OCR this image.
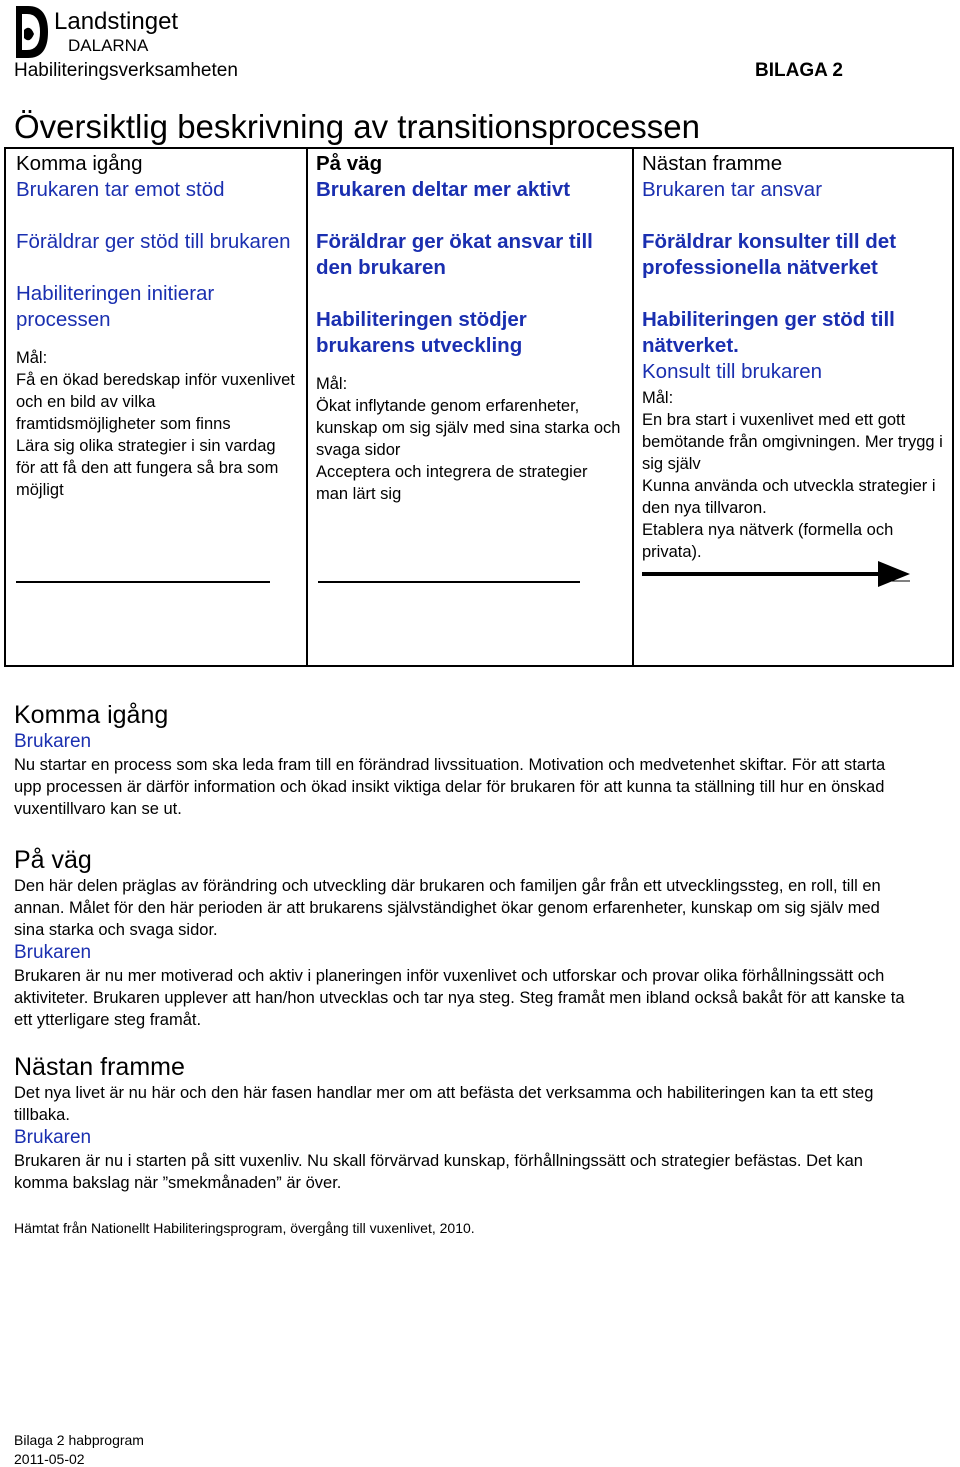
Landstinget
DALARNA
Habiliteringsverksamheten	BILAGA 2
Översiktlig beskrivning av transitionsprocessen
Komma igång
Brukaren tar emot stöd
Föräldrar ger stöd till brukaren
Habiliteringen initierar processen
Mål:
Få en ökad beredskap inför vuxenlivet och en bild av vilka framtidsmöjligheter som finns
Lära sig olika strategier i sin vardag för att få den att fungera så bra som möjligt
På väg
Brukaren deltar mer aktivt
Föräldrar ger ökat ansvar till den brukaren
Habiliteringen stödjer brukarens utveckling
Mål:
Ökat inflytande genom erfarenheter, kunskap om sig själv med sina starka och svaga sidor
Acceptera och integrera de strategier man lärt sig
Nästan framme
Brukaren tar ansvar
Föräldrar konsulter till det professionella nätverket
Habiliteringen ger stöd till nätverket.
Konsult till brukaren
Mål:
En bra start i vuxenlivet med ett gott bemötande från omgivningen. Mer trygg i sig själv
Kunna använda och utveckla strategier i den nya tillvaron.
Etablera nya nätverk (formella och privata).
Komma igång
Brukaren
Nu startar en process som ska leda fram till en förändrad livssituation. Motivation och medvetenhet skiftar. För att starta upp processen är därför information och ökad insikt viktiga delar för brukaren för att kunna ta ställning till hur en önskad vuxentillvaro kan se ut.
På väg
Den här delen präglas av förändring och utveckling där brukaren och familjen går från ett utvecklingssteg, en roll, till en annan. Målet för den här perioden är att brukarens självständighet ökar genom erfarenheter, kunskap om sig själv med sina starka och svaga sidor.
Brukaren
Brukaren är nu mer motiverad och aktiv i planeringen inför vuxenlivet och utforskar och provar olika förhållningssätt och aktiviteter. Brukaren upplever att han/hon utvecklas och tar nya steg. Steg framåt men ibland också bakåt för att kanske ta ett ytterligare steg framåt.
Nästan framme
Det nya livet är nu här och den här fasen handlar mer om att befästa det verksamma och habiliteringen kan ta ett steg tillbaka.
Brukaren
Brukaren är nu i starten på sitt vuxenliv. Nu skall förvärvad kunskap, förhållningssätt och strategier befästas. Det kan komma bakslag när ”smekmånaden” är över.
Hämtat från Nationellt Habiliteringsprogram, övergång till vuxenlivet, 2010.
Bilaga 2 habprogram
2011-05-02
